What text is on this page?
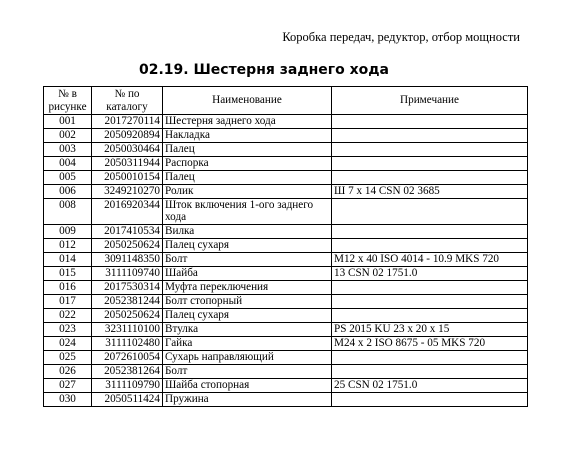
Коробка передач, редуктор, отбор мощности
02.19. Шестерня заднего хода
№ в рисунке	№ по каталогу	Наименование	Примечание
001	2017270114	Шестерня заднего хода	
002	2050920894	Накладка	
003	2050030464	Палец	
004	2050311944	Распорка	
005	2050010154	Палец	
006	3249210270	Ролик	Ш 7 х 14 CSN 02 3685
008	2016920344	Шток включения 1-ого заднего хода	
009	2017410534	Вилка	
012	2050250624	Палец сухаря	
014	3091148350	Болт	M12 x 40 ISO 4014 - 10.9 MKS 720
015	3111109740	Шайба	13 CSN 02 1751.0
016	2017530314	Муфта переключения	
017	2052381244	Болт стопорный	
022	2050250624	Палец сухаря	
023	3231110100	Втулка	PS 2015 KU 23 x 20 x 15
024	3111102480	Гайка	M24 x 2 ISO 8675 - 05 MKS 720
025	2072610054	Сухарь направляющий	
026	2052381264	Болт	
027	3111109790	Шайба стопорная	25 CSN 02 1751.0
030	2050511424	Пружина	
